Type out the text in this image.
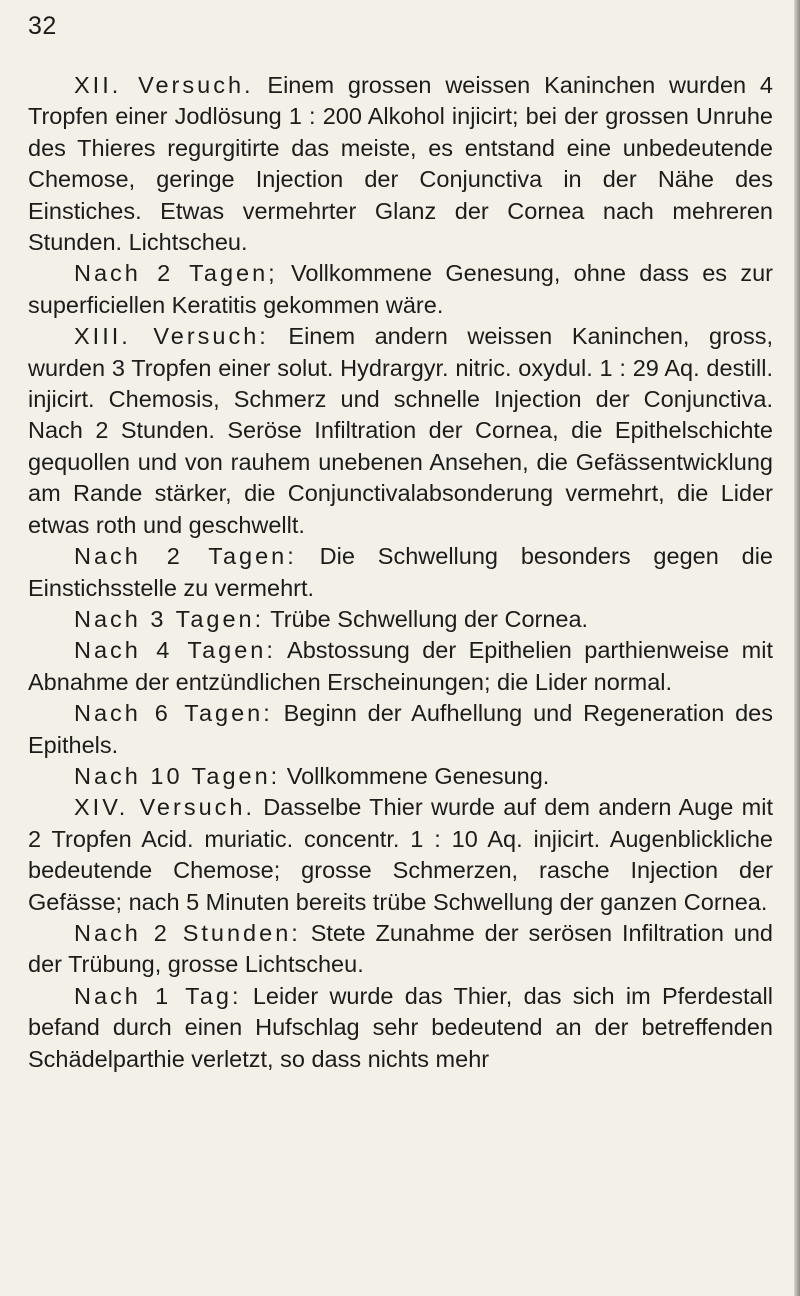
32

XII. Versuch. Einem grossen weissen Kaninchen wurden 4 Tropfen einer Jodlösung 1 : 200 Alkohol injicirt; bei der grossen Unruhe des Thieres regurgitirte das meiste, es entstand eine unbedeutende Chemose, geringe Injection der Conjunctiva in der Nähe des Einstiches. Etwas vermehrter Glanz der Cornea nach mehreren Stunden. Lichtscheu.

Nach 2 Tagen; Vollkommene Genesung, ohne dass es zur superficiellen Keratitis gekommen wäre.

XIII. Versuch: Einem andern weissen Kaninchen, gross, wurden 3 Tropfen einer solut. Hydrargyr. nitric. oxydul. 1 : 29 Aq. destill. injicirt. Chemosis, Schmerz und schnelle Injection der Conjunctiva. Nach 2 Stunden. Seröse Infiltration der Cornea, die Epithelschichte gequollen und von rauhem unebenen Ansehen, die Gefässentwicklung am Rande stärker, die Conjunctivalabsonderung vermehrt, die Lider etwas roth und geschwellt.

Nach 2 Tagen: Die Schwellung besonders gegen die Einstichsstelle zu vermehrt.

Nach 3 Tagen: Trübe Schwellung der Cornea.

Nach 4 Tagen: Abstossung der Epithelien parthienweise mit Abnahme der entzündlichen Erscheinungen; die Lider normal.

Nach 6 Tagen: Beginn der Aufhellung und Regeneration des Epithels.

Nach 10 Tagen: Vollkommene Genesung.

XIV. Versuch. Dasselbe Thier wurde auf dem andern Auge mit 2 Tropfen Acid. muriatic. concentr. 1 : 10 Aq. injicirt. Augenblickliche bedeutende Chemose; grosse Schmerzen, rasche Injection der Gefässe; nach 5 Minuten bereits trübe Schwellung der ganzen Cornea.

Nach 2 Stunden: Stete Zunahme der serösen Infiltration und der Trübung, grosse Lichtscheu.

Nach 1 Tag: Leider wurde das Thier, das sich im Pferdestall befand durch einen Hufschlag sehr bedeutend an der betreffenden Schädelparthie verletzt, so dass nichts mehr
